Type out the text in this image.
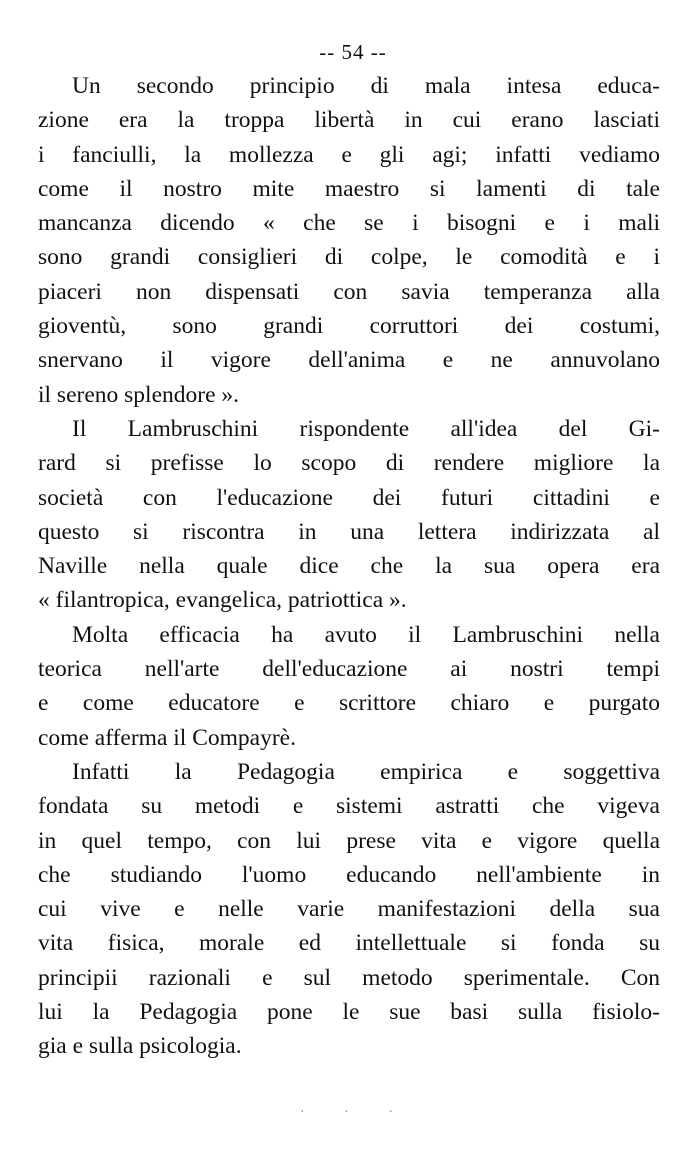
-- 54 --
Un secondo principio di mala intesa educa-
zione era la troppa libertà in cui erano lasciati
i fanciulli, la mollezza e gli agi; infatti vediamo
come il nostro mite maestro si lamenti di tale
mancanza dicendo « che se i bisogni e i mali
sono grandi consiglieri di colpe, le comodità e i
piaceri non dispensati con savia temperanza alla
gioventù, sono grandi corruttori dei costumi,
snervano il vigore dell'anima e ne annuvolano
il sereno splendore ».
Il Lambruschini rispondente all'idea del Gi-
rard si prefisse lo scopo di rendere migliore la
società con l'educazione dei futuri cittadini e
questo si riscontra in una lettera indirizzata al
Naville nella quale dice che la sua opera era
« filantropica, evangelica, patriottica ».
Molta efficacia ha avuto il Lambruschini nella
teorica nell'arte dell'educazione ai nostri tempi
e come educatore e scrittore chiaro e purgato
come afferma il Compayrè.
Infatti la Pedagogia empirica e soggettiva
fondata su metodi e sistemi astratti che vigeva
in quel tempo, con lui prese vita e vigore quella
che studiando l'uomo educando nell'ambiente in
cui vive e nelle varie manifestazioni della sua
vita fisica, morale ed intellettuale si fonda su
principii razionali e sul metodo sperimentale. Con
lui la Pedagogia pone le sue basi sulla fisiolo-
gia e sulla psicologia.
· · ·
